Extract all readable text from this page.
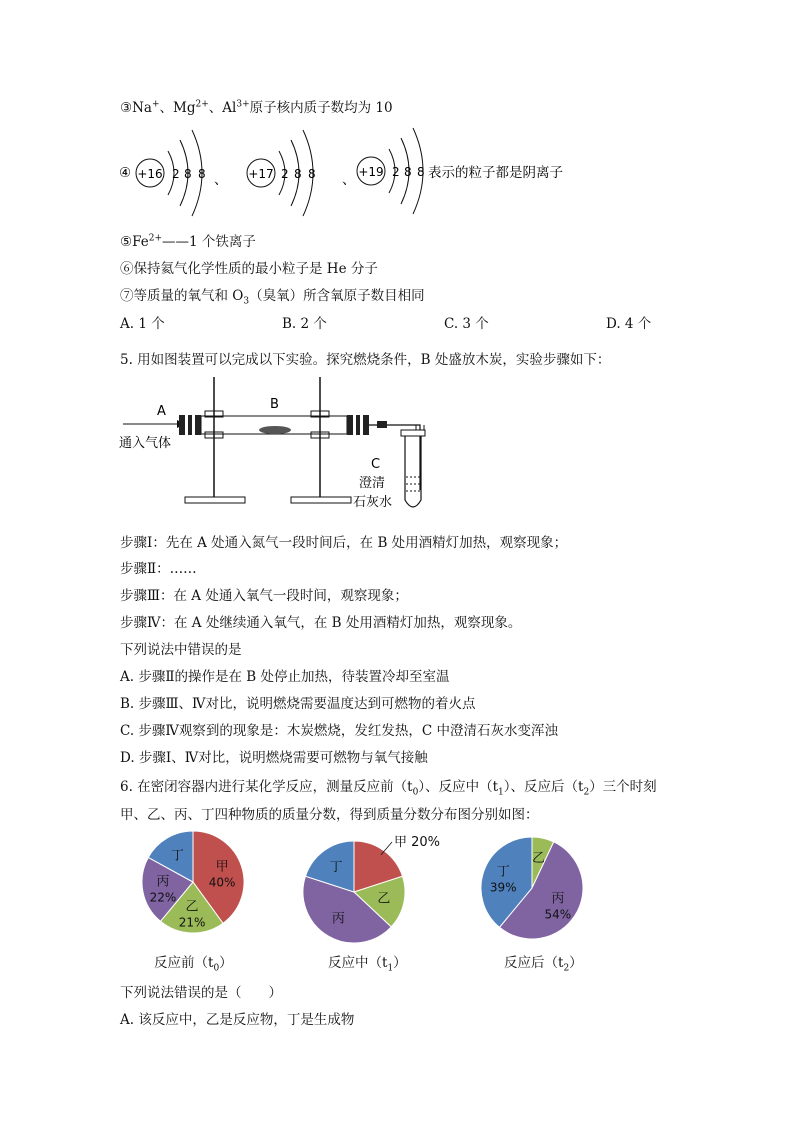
③Na+、$Mg^{2+}$、$Al^{3+}$原子核内质子数均为 10
④ +16 2 8 8 、 +17 2 8 8 、 +19 2 8 8 表示的粒子都是阴离子
$⑤Fe^{2+}——1$ 个铁离子
⑥保持氦气化学性质的最小粒子是 He 分子
⑦等质量的氧气和 $O_3$（臭氧）所含氧原子数目相同
A. 1 个	B. 2 个	C. 3 个	D. 4 个
5. 用如图装置可以完成以下实验。探究燃烧条件，B 处盛放木炭，实验步骤如下：
A
通入气体
B
C
澄清
石灰水
步骤Ⅰ：先在 A 处通入氮气一段时间后，在 B 处用酒精灯加热，观察现象；
步骤Ⅱ：……
步骤Ⅲ：在 A 处通入氧气一段时间，观察现象；
步骤Ⅳ：在 A 处继续通入氧气，在 B 处用酒精灯加热，观察现象。
下列说法中错误的是
A. 步骤Ⅱ的操作是在 B 处停止加热，待装置冷却至室温
B. 步骤Ⅲ、Ⅳ对比，说明燃烧需要温度达到可燃物的着火点
C. 步骤Ⅳ观察到的现象是：木炭燃烧，发红发热，C 中澄清石灰水变浑浊
D. 步骤Ⅰ、Ⅳ对比，说明燃烧需要可燃物与氧气接触
6. 在密闭容器内进行某化学反应，测量反应前$(t_0)$、反应中$(t_1)$、反应后$(t_2)$三个时刻
甲、乙、丙、丁四种物质的质量分数，得到质量分数分布图分别如图：
甲
40%
乙
21%
丙
22%
丁
乙
丙
丁
甲 20%
乙
丙
54%
丁
39%
反应前$(t_0)$	反应中$(t_1)$	反应后$(t_2)$
下列说法错误的是（　　）
A. 该反应中，乙是反应物，丁是生成物
